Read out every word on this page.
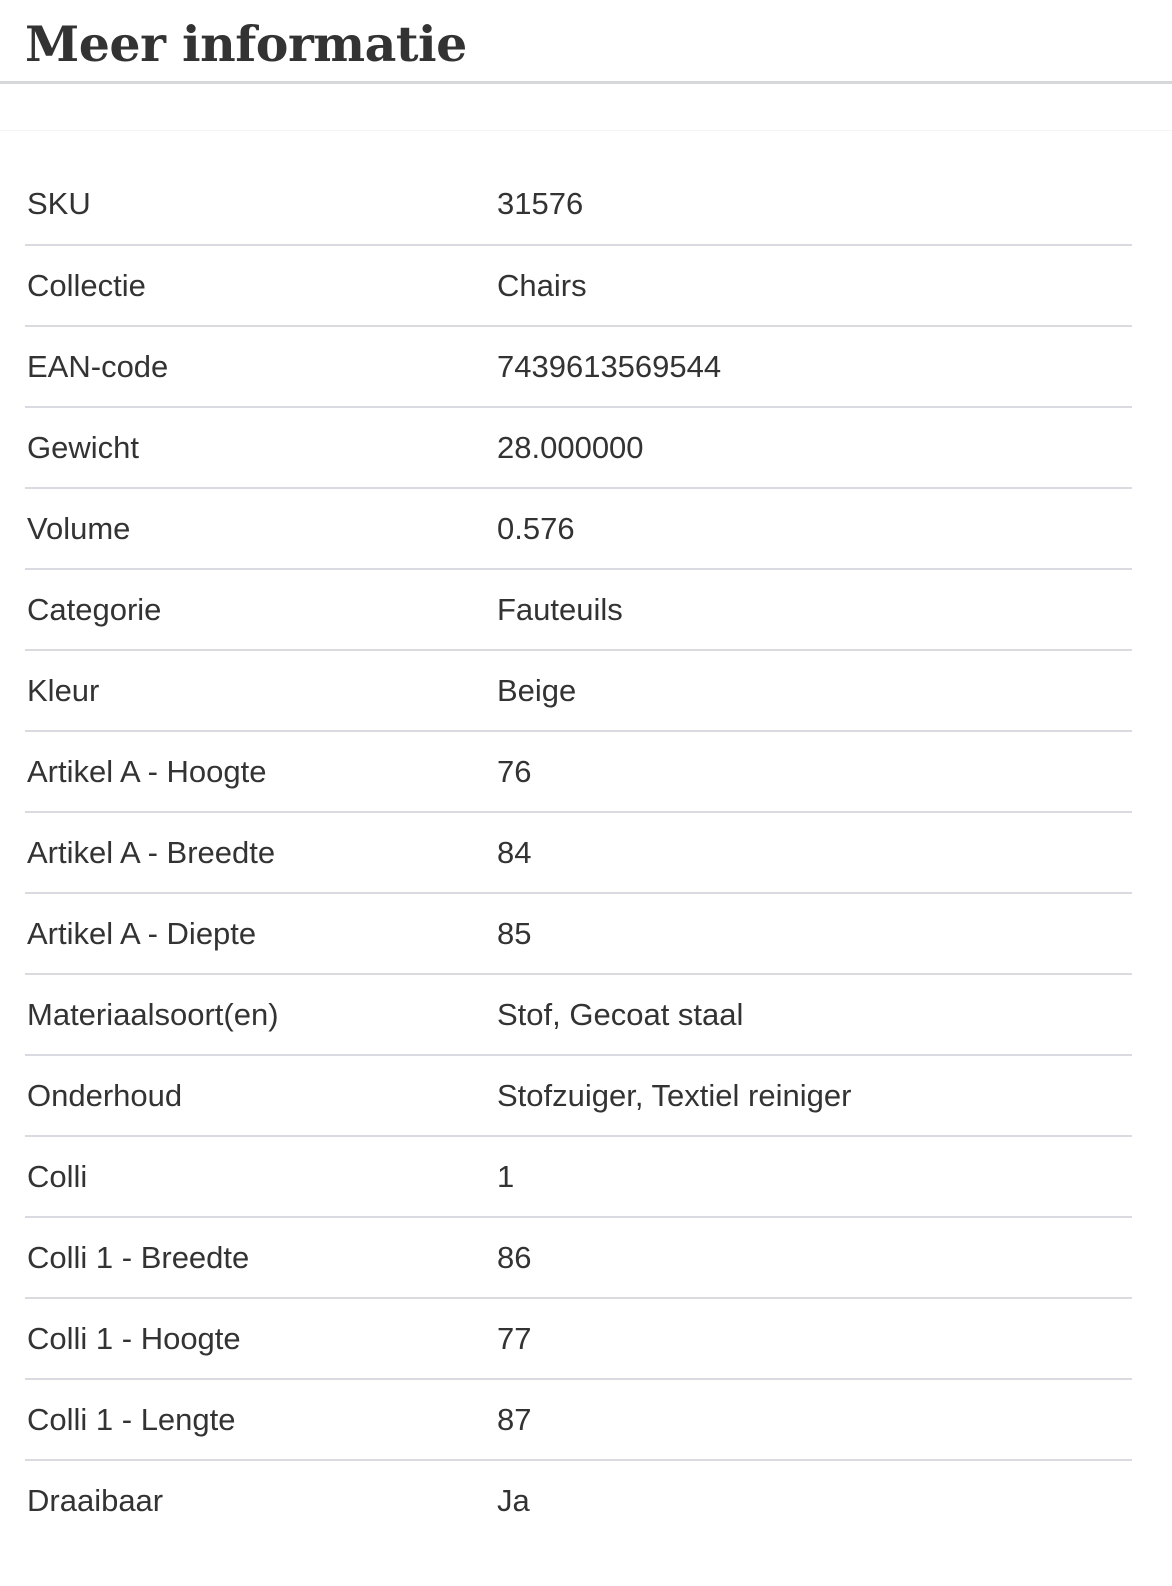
Meer informatie
SKU	31576
Collectie	Chairs
EAN-code	7439613569544
Gewicht	28.000000
Volume	0.576
Categorie	Fauteuils
Kleur	Beige
Artikel A - Hoogte	76
Artikel A - Breedte	84
Artikel A - Diepte	85
Materiaalsoort(en)	Stof, Gecoat staal
Onderhoud	Stofzuiger, Textiel reiniger
Colli	1
Colli 1 - Breedte	86
Colli 1 - Hoogte	77
Colli 1 - Lengte	87
Draaibaar	Ja
